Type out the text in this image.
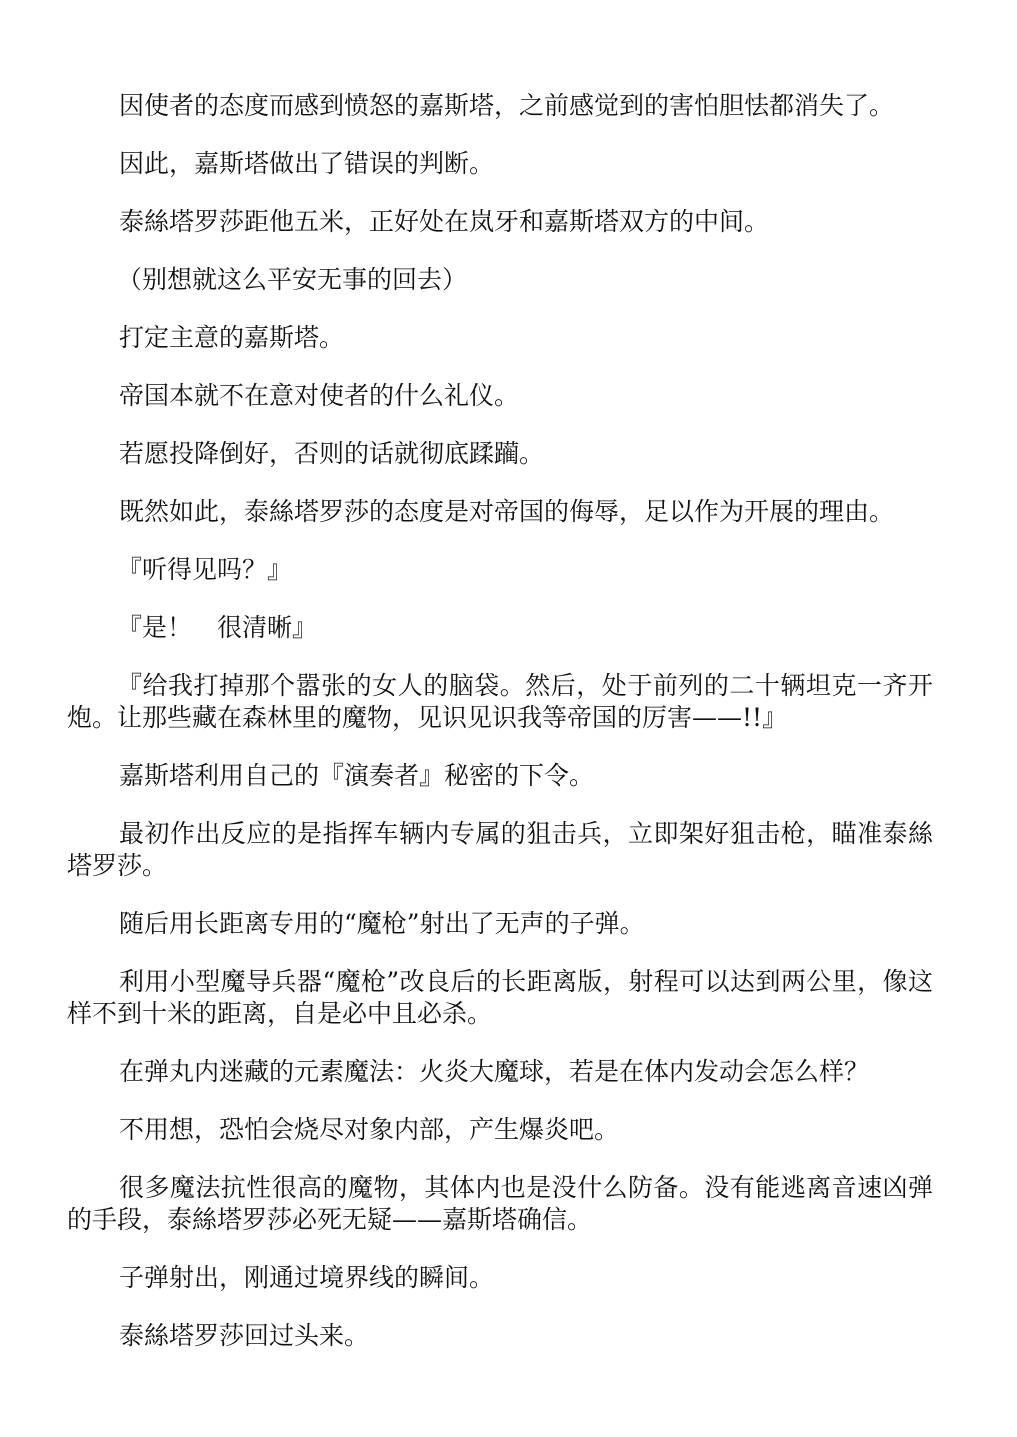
因使者的态度而感到愤怒的嘉斯塔，之前感觉到的害怕胆怯都消失了。

因此，嘉斯塔做出了错误的判断。

泰絲塔罗莎距他五米，正好处在岚牙和嘉斯塔双方的中间。

（别想就这么平安无事的回去）

打定主意的嘉斯塔。

帝国本就不在意对使者的什么礼仪。

若愿投降倒好，否则的话就彻底蹂躏。

既然如此，泰絲塔罗莎的态度是对帝国的侮辱，足以作为开展的理由。

『听得见吗？』

『是！　很清晰』

『给我打掉那个嚣张的女人的脑袋。然后，处于前列的二十辆坦克一齐开炮。让那些藏在森林里的魔物，见识见识我等帝国的厉害——!!』

嘉斯塔利用自己的『演奏者』秘密的下令。

最初作出反应的是指挥车辆内专属的狙击兵，立即架好狙击枪，瞄准泰絲塔罗莎。

随后用长距离专用的“魔枪”射出了无声的子弹。

利用小型魔导兵器“魔枪”改良后的长距离版，射程可以达到两公里，像这样不到十米的距离，自是必中且必杀。

在弹丸内迷藏的元素魔法：火炎大魔球，若是在体内发动会怎么样？

不用想，恐怕会烧尽对象内部，产生爆炎吧。

很多魔法抗性很高的魔物，其体内也是没什么防备。没有能逃离音速凶弹的手段，泰絲塔罗莎必死无疑——嘉斯塔确信。

子弹射出，刚通过境界线的瞬间。

泰絲塔罗莎回过头来。
